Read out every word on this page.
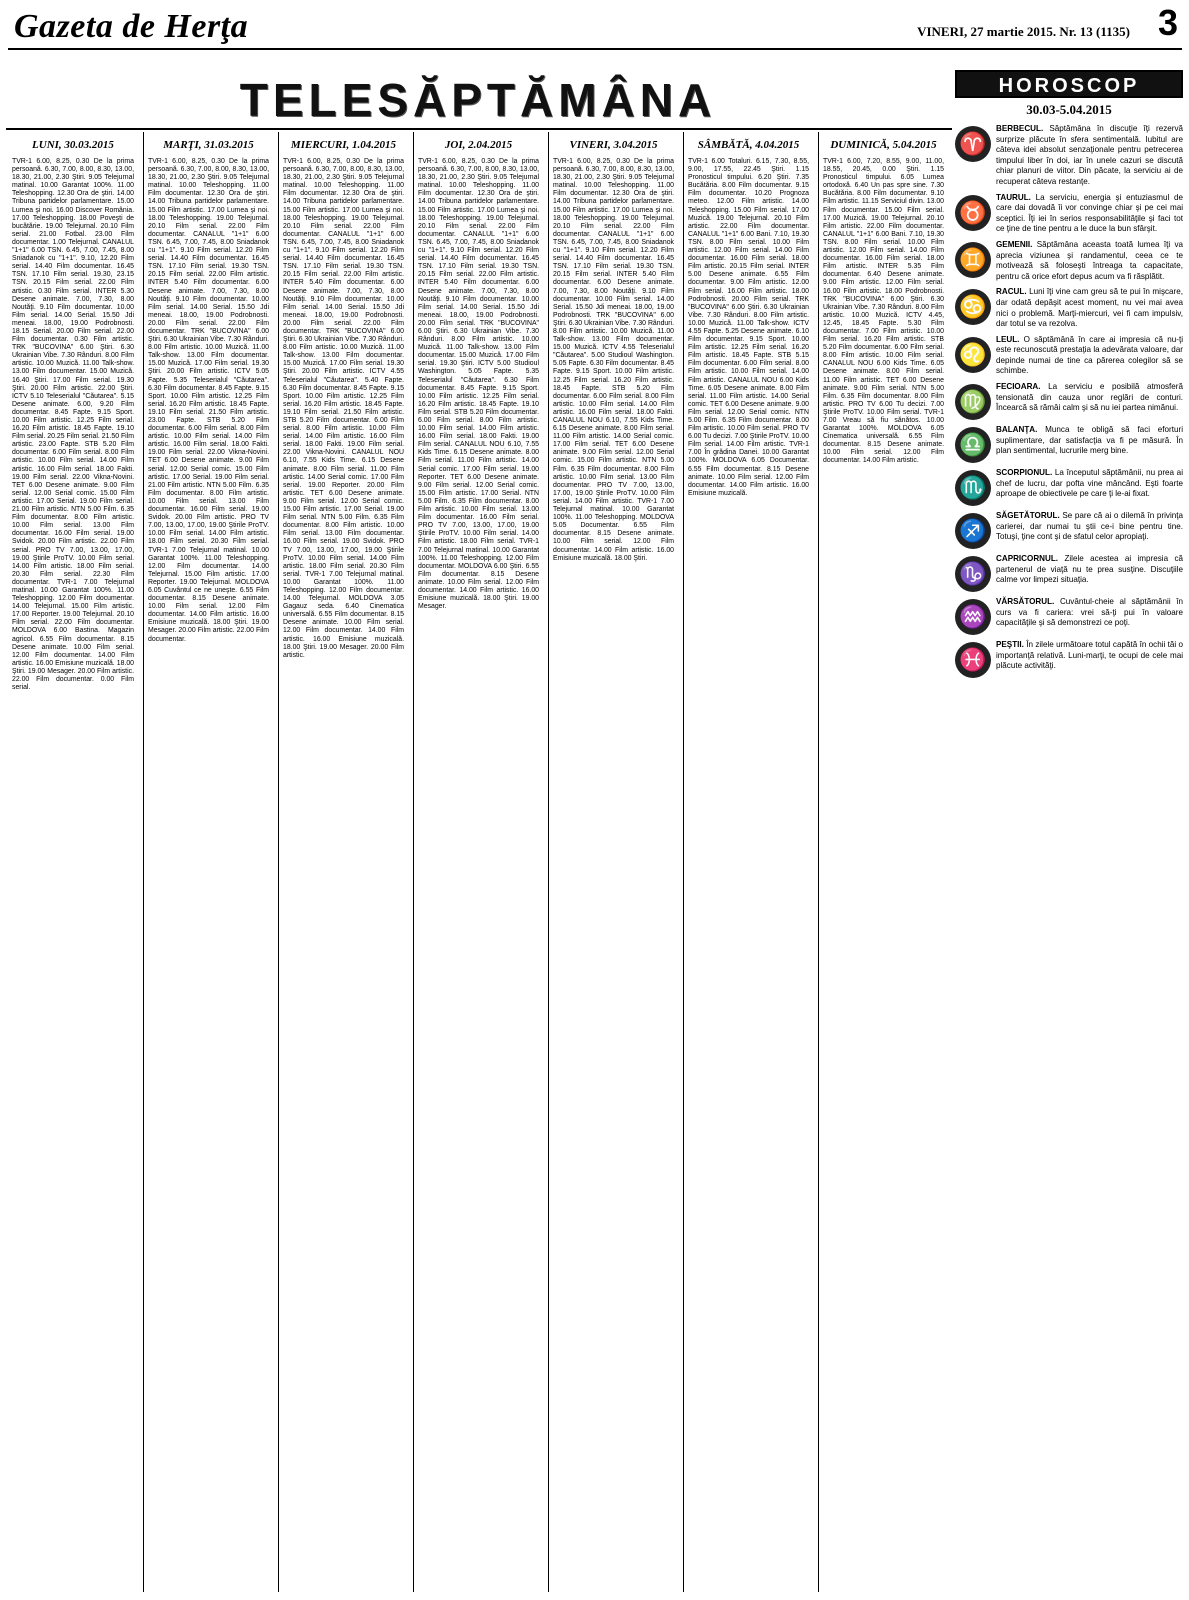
Gazeta de Herţa	VINERI, 27 martie 2015. Nr. 13 (1135) 3
TELESĂPTĂMÂNA
LUNI, 30.03.2015
TVR-1 6.00, 8.25, 0.30 De la prima persoană. 6.30, 7.00, 8.00, 8.30, 13.00, 18.30, 21.00, 2.30 Ştiri. 9.05 Telejurnal matinal. 10.00 Garantat 100%. 11.00 Teleshopping. 12.30 Ora de ştiri. 14.00 Tribuna partidelor parlamentare. 15.00 Lumea şi noi. 16.00 Discover România. 17.00 Teleshopping. 18.00 Poveşti de bucătărie. 19.00 Telejurnal. 20.10 Film serial. 21.00 Fotbal. 23.00 Film documentar. 1.00 Telejurnal. CANALUL "1+1" 6.00 TSN. 6.45, 7.00, 7.45, 8.00 Sniadanok cu "1+1". 9.10, 12.20 Film serial. 14.40 Film documentar. 16.45 TSN. 17.10 Film serial. 19.30, 23.15 TSN. 20.15 Film serial. 22.00 Film artistic. 0.30 Film serial. INTER 5.30 Desene animate. 7.00, 7.30, 8.00 Noutăţi. 9.10 Film documentar. 10.00 Film serial. 14.00 Serial. 15.50 Jdi meneai. 18.00, 19.00 Podrobnosti. 18.15 Serial. 20.00 Film serial. 22.00 Film documentar. 0.30 Film artistic. TRK "BUCOVINA" 6.00 Ştiri. 6.30 Ukrainian Vibe. 7.30 Rânduri. 8.00 Film artistic. 10.00 Muzică. 11.00 Talk-show. 13.00 Film documentar. 15.00 Muzică. 16.40 Ştiri. 17.00 Film serial. 19.30 Ştiri. 20.00 Film artistic. 22.00 Ştiri. ICTV 5.10 Teleserialul "Căutarea". 5.15 Desene animate. 6.00, 9.20 Film documentar. 8.45 Fapte. 9.15 Sport. 10.00 Film artistic. 12.25 Film serial. 16.20 Film artistic. 18.45 Fapte. 19.10 Film serial. 20.25 Film serial. 21.50 Film artistic. 23.00 Fapte. STB 5.20 Film documentar. 6.00 Film serial. 8.00 Film artistic. 10.00 Film serial. 14.00 Film artistic. 16.00 Film serial. 18.00 Fakti. 19.00 Film serial. 22.00 Vikna-Novini. TET 6.00 Desene animate. 9.00 Film serial. 12.00 Serial comic. 15.00 Film artistic. 17.00 Serial. 19.00 Film serial. 21.00 Film artistic. NTN 5.00 Film. 6.35 Film documentar. 8.00 Film artistic. 10.00 Film serial. 13.00 Film documentar. 16.00 Film serial. 19.00 Svidok. 20.00 Film artistic. 22.00 Film serial. PRO TV 7.00, 13.00, 17.00, 19.00 Ştirile ProTV. 10.00 Film serial. 14.00 Film artistic. 18.00 Film serial. 20.30 Film serial. 22.30 Film documentar. TVR-1 7.00 Telejurnal matinal. 10.00 Garantat 100%. 11.00 Teleshopping. 12.00 Film documentar. 14.00 Telejurnal. 15.00 Film artistic. 17.00 Reporter. 19.00 Telejurnal. 20.10 Film serial. 22.00 Film documentar. MOLDOVA 6.00 Bastina. Magazin agricol. 6.55 Film documentar. 8.15 Desene animate. 10.00 Film serial. 12.00 Film documentar. 14.00 Film artistic. 16.00 Emisiune muzicală. 18.00 Ştiri. 19.00 Mesager. 20.00 Film artistic. 22.00 Film documentar. 0.00 Film serial.
MARŢI, 31.03.2015
TVR-1 6.00, 8.25, 0.30 De la prima persoană. 6.30, 7.00, 8.00, 8.30, 13.00, 18.30, 21.00, 2.30 Ştiri. 9.05 Telejurnal matinal. 10.00 Teleshopping. 11.00 Film documentar. 12.30 Ora de ştiri. 14.00 Tribuna partidelor parlamentare. 15.00 Film artistic. 17.00 Lumea şi noi. 18.00 Teleshopping. 19.00 Telejurnal. 20.10 Film serial. 22.00 Film documentar. CANALUL "1+1" 6.00 TSN. 6.45, 7.00, 7.45, 8.00 Sniadanok cu "1+1". 9.10 Film serial. 12.20 Film serial. 14.40 Film documentar. 16.45 TSN. 17.10 Film serial. 19.30 TSN. 20.15 Film serial. 22.00 Film artistic. INTER 5.40 Film documentar. 6.00 Desene animate. 7.00, 7.30, 8.00 Noutăţi. 9.10 Film documentar. 10.00 Film serial. 14.00 Serial. 15.50 Jdi meneai. 18.00, 19.00 Podrobnosti. 20.00 Film serial. 22.00 Film documentar. TRK "BUCOVINA" 6.00 Ştiri. 6.30 Ukrainian Vibe. 7.30 Rânduri. 8.00 Film artistic. 10.00 Muzică. 11.00 Talk-show. 13.00 Film documentar. 15.00 Muzică. 17.00 Film serial. 19.30 Ştiri. 20.00 Film artistic. ICTV 5.05 Fapte. 5.35 Teleserialul "Căutarea". 6.30 Film documentar. 8.45 Fapte. 9.15 Sport. 10.00 Film artistic. 12.25 Film serial. 16.20 Film artistic. 18.45 Fapte. 19.10 Film serial. 21.50 Film artistic. 23.00 Fapte. STB 5.20 Film documentar. 6.00 Film serial. 8.00 Film artistic. 10.00 Film serial. 14.00 Film artistic. 16.00 Film serial. 18.00 Fakti. 19.00 Film serial. 22.00 Vikna-Novini. TET 6.00 Desene animate. 9.00 Film serial. 12.00 Serial comic. 15.00 Film artistic. 17.00 Serial. 19.00 Film serial. 21.00 Film artistic. NTN 5.00 Film. 6.35 Film documentar. 8.00 Film artistic. 10.00 Film serial. 13.00 Film documentar. 16.00 Film serial. 19.00 Svidok. 20.00 Film artistic. PRO TV 7.00, 13.00, 17.00, 19.00 Ştirile ProTV. 10.00 Film serial. 14.00 Film artistic. 18.00 Film serial. 20.30 Film serial. TVR-1 7.00 Telejurnal matinal. 10.00 Garantat 100%. 11.00 Teleshopping. 12.00 Film documentar. 14.00 Telejurnal. 15.00 Film artistic. 17.00 Reporter. 19.00 Telejurnal. MOLDOVA 6.05 Cuvântul ce ne uneşte. 6.55 Film documentar. 8.15 Desene animate. 10.00 Film serial. 12.00 Film documentar. 14.00 Film artistic. 16.00 Emisiune muzicală. 18.00 Ştiri. 19.00 Mesager. 20.00 Film artistic. 22.00 Film documentar.
MIERCURI, 1.04.2015
TVR-1 6.00, 8.25, 0.30 De la prima persoană. 6.30, 7.00, 8.00, 8.30, 13.00, 18.30, 21.00, 2.30 Ştiri. 9.05 Telejurnal matinal. 10.00 Teleshopping. 11.00 Film documentar. 12.30 Ora de ştiri. 14.00 Tribuna partidelor parlamentare. 15.00 Film artistic. 17.00 Lumea şi noi. 18.00 Teleshopping. 19.00 Telejurnal. 20.10 Film serial. 22.00 Film documentar. CANALUL "1+1" 6.00 TSN. 6.45, 7.00, 7.45, 8.00 Sniadanok cu "1+1". 9.10 Film serial. 12.20 Film serial. 14.40 Film documentar. 16.45 TSN. 17.10 Film serial. 19.30 TSN. 20.15 Film serial. 22.00 Film artistic. INTER 5.40 Film documentar. 6.00 Desene animate. 7.00, 7.30, 8.00 Noutăţi. 9.10 Film documentar. 10.00 Film serial. 14.00 Serial. 15.50 Jdi meneai. 18.00, 19.00 Podrobnosti. 20.00 Film serial. 22.00 Film documentar. TRK "BUCOVINA" 6.00 Ştiri. 6.30 Ukrainian Vibe. 7.30 Rânduri. 8.00 Film artistic. 10.00 Muzică. 11.00 Talk-show. 13.00 Film documentar. 15.00 Muzică. 17.00 Film serial. 19.30 Ştiri. 20.00 Film artistic. ICTV 4.55 Teleserialul "Căutarea". 5.40 Fapte. 6.30 Film documentar. 8.45 Fapte. 9.15 Sport. 10.00 Film artistic. 12.25 Film serial. 16.20 Film artistic. 18.45 Fapte. 19.10 Film serial. 21.50 Film artistic. STB 5.20 Film documentar. 6.00 Film serial. 8.00 Film artistic. 10.00 Film serial. 14.00 Film artistic. 16.00 Film serial. 18.00 Fakti. 19.00 Film serial. 22.00 Vikna-Novini. CANALUL NOU 6.10, 7.55 Kids Time. 6.15 Desene animate. 8.00 Film serial. 11.00 Film artistic. 14.00 Serial comic. 17.00 Film serial. 19.00 Reporter. 20.00 Film artistic. TET 6.00 Desene animate. 9.00 Film serial. 12.00 Serial comic. 15.00 Film artistic. 17.00 Serial. 19.00 Film serial. NTN 5.00 Film. 6.35 Film documentar. 8.00 Film artistic. 10.00 Film serial. 13.00 Film documentar. 16.00 Film serial. 19.00 Svidok. PRO TV 7.00, 13.00, 17.00, 19.00 Ştirile ProTV. 10.00 Film serial. 14.00 Film artistic. 18.00 Film serial. 20.30 Film serial. TVR-1 7.00 Telejurnal matinal. 10.00 Garantat 100%. 11.00 Teleshopping. 12.00 Film documentar. 14.00 Telejurnal. MOLDOVA 3.05 Gagauz seda. 6.40 Cinematica universală. 6.55 Film documentar. 8.15 Desene animate. 10.00 Film serial. 12.00 Film documentar. 14.00 Film artistic. 16.00 Emisiune muzicală. 18.00 Ştiri. 19.00 Mesager. 20.00 Film artistic.
JOI, 2.04.2015
TVR-1 6.00, 8.25, 0.30 De la prima persoană. 6.30, 7.00, 8.00, 8.30, 13.00, 18.30, 21.00, 2.30 Ştiri. 9.05 Telejurnal matinal. 10.00 Teleshopping. 11.00 Film documentar. 12.30 Ora de ştiri. 14.00 Tribuna partidelor parlamentare. 15.00 Film artistic. 17.00 Lumea şi noi. 18.00 Teleshopping. 19.00 Telejurnal. 20.10 Film serial. 22.00 Film documentar. CANALUL "1+1" 6.00 TSN. 6.45, 7.00, 7.45, 8.00 Sniadanok cu "1+1". 9.10 Film serial. 12.20 Film serial. 14.40 Film documentar. 16.45 TSN. 17.10 Film serial. 19.30 TSN. 20.15 Film serial. 22.00 Film artistic. INTER 5.40 Film documentar. 6.00 Desene animate. 7.00, 7.30, 8.00 Noutăţi. 9.10 Film documentar. 10.00 Film serial. 14.00 Serial. 15.50 Jdi meneai. 18.00, 19.00 Podrobnosti. 20.00 Film serial. TRK "BUCOVINA" 6.00 Ştiri. 6.30 Ukrainian Vibe. 7.30 Rânduri. 8.00 Film artistic. 10.00 Muzică. 11.00 Talk-show. 13.00 Film documentar. 15.00 Muzică. 17.00 Film serial. 19.30 Ştiri. ICTV 5.00 Studioul Washington. 5.05 Fapte. 5.35 Teleserialul "Căutarea". 6.30 Film documentar. 8.45 Fapte. 9.15 Sport. 10.00 Film artistic. 12.25 Film serial. 16.20 Film artistic. 18.45 Fapte. 19.10 Film serial. STB 5.20 Film documentar. 6.00 Film serial. 8.00 Film artistic. 10.00 Film serial. 14.00 Film artistic. 16.00 Film serial. 18.00 Fakti. 19.00 Film serial. CANALUL NOU 6.10, 7.55 Kids Time. 6.15 Desene animate. 8.00 Film serial. 11.00 Film artistic. 14.00 Serial comic. 17.00 Film serial. 19.00 Reporter. TET 6.00 Desene animate. 9.00 Film serial. 12.00 Serial comic. 15.00 Film artistic. 17.00 Serial. NTN 5.00 Film. 6.35 Film documentar. 8.00 Film artistic. 10.00 Film serial. 13.00 Film documentar. 16.00 Film serial. PRO TV 7.00, 13.00, 17.00, 19.00 Ştirile ProTV. 10.00 Film serial. 14.00 Film artistic. 18.00 Film serial. TVR-1 7.00 Telejurnal matinal. 10.00 Garantat 100%. 11.00 Teleshopping. 12.00 Film documentar. MOLDOVA 6.00 Ştiri. 6.55 Film documentar. 8.15 Desene animate. 10.00 Film serial. 12.00 Film documentar. 14.00 Film artistic. 16.00 Emisiune muzicală. 18.00 Ştiri. 19.00 Mesager.
VINERI, 3.04.2015
TVR-1 6.00, 8.25, 0.30 De la prima persoană. 6.30, 7.00, 8.00, 8.30, 13.00, 18.30, 21.00, 2.30 Ştiri. 9.05 Telejurnal matinal. 10.00 Teleshopping. 11.00 Film documentar. 12.30 Ora de ştiri. 14.00 Tribuna partidelor parlamentare. 15.00 Film artistic. 17.00 Lumea şi noi. 18.00 Teleshopping. 19.00 Telejurnal. 20.10 Film serial. 22.00 Film documentar. CANALUL "1+1" 6.00 TSN. 6.45, 7.00, 7.45, 8.00 Sniadanok cu "1+1". 9.10 Film serial. 12.20 Film serial. 14.40 Film documentar. 16.45 TSN. 17.10 Film serial. 19.30 TSN. 20.15 Film serial. INTER 5.40 Film documentar. 6.00 Desene animate. 7.00, 7.30, 8.00 Noutăţi. 9.10 Film documentar. 10.00 Film serial. 14.00 Serial. 15.50 Jdi meneai. 18.00, 19.00 Podrobnosti. TRK "BUCOVINA" 6.00 Ştiri. 6.30 Ukrainian Vibe. 7.30 Rânduri. 8.00 Film artistic. 10.00 Muzică. 11.00 Talk-show. 13.00 Film documentar. 15.00 Muzică. ICTV 4.55 Teleserialul "Căutarea". 5.00 Studioul Washington. 5.05 Fapte. 6.30 Film documentar. 8.45 Fapte. 9.15 Sport. 10.00 Film artistic. 12.25 Film serial. 16.20 Film artistic. 18.45 Fapte. STB 5.20 Film documentar. 6.00 Film serial. 8.00 Film artistic. 10.00 Film serial. 14.00 Film artistic. 16.00 Film serial. 18.00 Fakti. CANALUL NOU 6.10, 7.55 Kids Time. 6.15 Desene animate. 8.00 Film serial. 11.00 Film artistic. 14.00 Serial comic. 17.00 Film serial. TET 6.00 Desene animate. 9.00 Film serial. 12.00 Serial comic. 15.00 Film artistic. NTN 5.00 Film. 6.35 Film documentar. 8.00 Film artistic. 10.00 Film serial. 13.00 Film documentar. PRO TV 7.00, 13.00, 17.00, 19.00 Ştirile ProTV. 10.00 Film serial. 14.00 Film artistic. TVR-1 7.00 Telejurnal matinal. 10.00 Garantat 100%. 11.00 Teleshopping. MOLDOVA 5.05 Documentar. 6.55 Film documentar. 8.15 Desene animate. 10.00 Film serial. 12.00 Film documentar. 14.00 Film artistic. 16.00 Emisiune muzicală. 18.00 Ştiri.
SÂMBĂTĂ, 4.04.2015
TVR-1 6.00 Totaluri. 6.15, 7.30, 8.55, 9.00, 17.55, 22.45 Ştiri. 1.15 Pronosticul timpului. 6.20 Ştiri. 7.35 Bucătăria. 8.00 Film documentar. 9.15 Film documentar. 10.20 Prognoza meteo. 12.00 Film artistic. 14.00 Teleshopping. 15.00 Film serial. 17.00 Muzică. 19.00 Telejurnal. 20.10 Film artistic. 22.00 Film documentar. CANALUL "1+1" 6.00 Bani. 7.10, 19.30 TSN. 8.00 Film serial. 10.00 Film artistic. 12.00 Film serial. 14.00 Film documentar. 16.00 Film serial. 18.00 Film artistic. 20.15 Film serial. INTER 5.00 Desene animate. 6.55 Film documentar. 9.00 Film artistic. 12.00 Film serial. 16.00 Film artistic. 18.00 Podrobnosti. 20.00 Film serial. TRK "BUCOVINA" 6.00 Ştiri. 6.30 Ukrainian Vibe. 7.30 Rânduri. 8.00 Film artistic. 10.00 Muzică. 11.00 Talk-show. ICTV 4.55 Fapte. 5.25 Desene animate. 6.10 Film documentar. 9.15 Sport. 10.00 Film artistic. 12.25 Film serial. 16.20 Film artistic. 18.45 Fapte. STB 5.15 Film documentar. 6.00 Film serial. 8.00 Film artistic. 10.00 Film serial. 14.00 Film artistic. CANALUL NOU 6.00 Kids Time. 6.05 Desene animate. 8.00 Film serial. 11.00 Film artistic. 14.00 Serial comic. TET 6.00 Desene animate. 9.00 Film serial. 12.00 Serial comic. NTN 5.00 Film. 6.35 Film documentar. 8.00 Film artistic. 10.00 Film serial. PRO TV 6.00 Tu decizi. 7.00 Ştirile ProTV. 10.00 Film serial. 14.00 Film artistic. TVR-1 7.00 În grădina Danei. 10.00 Garantat 100%. MOLDOVA 6.05 Documentar. 6.55 Film documentar. 8.15 Desene animate. 10.00 Film serial. 12.00 Film documentar. 14.00 Film artistic. 16.00 Emisiune muzicală.
DUMINICĂ, 5.04.2015
TVR-1 6.00, 7.20, 8.55, 9.00, 11.00, 18.55, 20.45, 0.00 Ştiri. 1.15 Pronosticul timpului. 6.05 Lumea ortodoxă. 6.40 Un pas spre sine. 7.30 Bucătăria. 8.00 Film documentar. 9.10 Film artistic. 11.15 Serviciul divin. 13.00 Film documentar. 15.00 Film serial. 17.00 Muzică. 19.00 Telejurnal. 20.10 Film artistic. 22.00 Film documentar. CANALUL "1+1" 6.00 Bani. 7.10, 19.30 TSN. 8.00 Film serial. 10.00 Film artistic. 12.00 Film serial. 14.00 Film documentar. 16.00 Film serial. 18.00 Film artistic. INTER 5.35 Film documentar. 6.40 Desene animate. 9.00 Film artistic. 12.00 Film serial. 16.00 Film artistic. 18.00 Podrobnosti. TRK "BUCOVINA" 6.00 Ştiri. 6.30 Ukrainian Vibe. 7.30 Rânduri. 8.00 Film artistic. 10.00 Muzică. ICTV 4.45, 12.45, 18.45 Fapte. 5.30 Film documentar. 7.00 Film artistic. 10.00 Film serial. 16.20 Film artistic. STB 5.20 Film documentar. 6.00 Film serial. 8.00 Film artistic. 10.00 Film serial. CANALUL NOU 6.00 Kids Time. 6.05 Desene animate. 8.00 Film serial. 11.00 Film artistic. TET 6.00 Desene animate. 9.00 Film serial. NTN 5.00 Film. 6.35 Film documentar. 8.00 Film artistic. PRO TV 6.00 Tu decizi. 7.00 Ştirile ProTV. 10.00 Film serial. TVR-1 7.00 Vreau să fiu sănătos. 10.00 Garantat 100%. MOLDOVA 6.05 Cinematica universală. 6.55 Film documentar. 8.15 Desene animate. 10.00 Film serial. 12.00 Film documentar. 14.00 Film artistic.
HOROSCOP
30.03-5.04.2015
♈
BERBECUL. Săptămâna în discuţie îţi rezervă surprize plăcute în sfera sentimentală. Iubitul are câteva idei absolut senzaţionale pentru petrecerea timpului liber în doi, iar în unele cazuri se discută chiar planuri de viitor. Din păcate, la serviciu ai de recuperat câteva restanţe.
♉
TAURUL. La serviciu, energia şi entuziasmul de care dai dovadă îi vor convinge chiar şi pe cei mai sceptici. Îţi iei în serios responsabilităţile şi faci tot ce ţine de tine pentru a le duce la bun sfârşit.
♊
GEMENII. Săptămâna aceasta toată lumea îţi va aprecia viziunea şi randamentul, ceea ce te motivează să foloseşti întreaga ta capacitate, pentru că orice efort depus acum va fi răsplătit.
♋
RACUL. Luni îţi vine cam greu să te pui în mişcare, dar odată depăşit acest moment, nu vei mai avea nici o problemă. Marţi-miercuri, vei fi cam impulsiv, dar totul se va rezolva.
♌
LEUL. O săptămână în care ai impresia că nu-ţi este recunoscută prestaţia la adevărata valoare, dar depinde numai de tine ca părerea colegilor să se schimbe.
♍
FECIOARA. La serviciu e posibilă atmosferă tensionată din cauza unor reglări de conturi. Încearcă să rămâi calm şi să nu iei partea nimănui.
♎
BALANŢA. Munca te obligă să faci eforturi suplimentare, dar satisfacţia va fi pe măsură. În plan sentimental, lucrurile merg bine.
♏
SCORPIONUL. La începutul săptămânii, nu prea ai chef de lucru, dar pofta vine mâncând. Eşti foarte aproape de obiectivele pe care ţi le-ai fixat.
♐
SĂGETĂTORUL. Se pare că ai o dilemă în privinţa carierei, dar numai tu ştii ce-i bine pentru tine. Totuşi, ţine cont şi de sfatul celor apropiaţi.
♑
CAPRICORNUL. Zilele acestea ai impresia că partenerul de viaţă nu te prea susţine. Discuţiile calme vor limpezi situaţia.
♒
VĂRSĂTORUL. Cuvântul-cheie al săptămânii în curs va fi cariera: vrei să-ţi pui în valoare capacităţile şi să demonstrezi ce poţi.
♓
PEŞTII. În zilele următoare totul capătă în ochii tăi o importanţă relativă. Luni-marţi, te ocupi de cele mai plăcute activităţi.
